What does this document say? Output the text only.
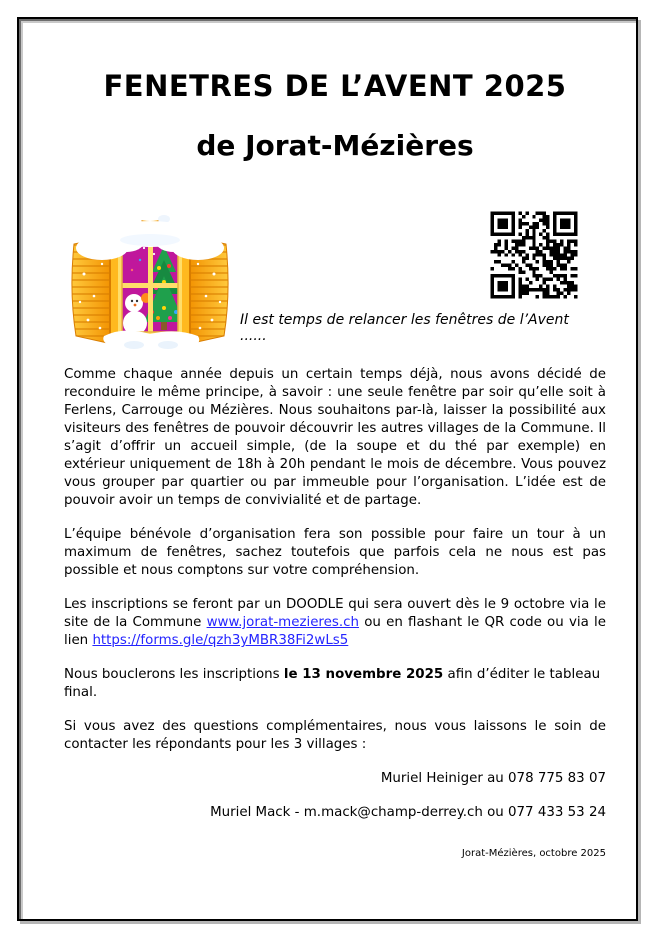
FENETRES DE L’AVENT 2025
de Jorat-Mézières

Il est temps de relancer les fenêtres de l’Avent ......

Comme chaque année depuis un certain temps déjà, nous avons décidé de reconduire le même principe, à savoir : une seule fenêtre par soir qu’elle soit à Ferlens, Carrouge ou Mézières. Nous souhaitons par-là, laisser la possibilité aux visiteurs des fenêtres de pouvoir découvrir les autres villages de la Commune. Il s’agit d’offrir un accueil simple, (de la soupe et du thé par exemple) en extérieur uniquement de 18h à 20h pendant le mois de décembre. Vous pouvez vous grouper par quartier ou par immeuble pour l’organisation. L’idée est de pouvoir avoir un temps de convivialité et de partage.

L’équipe bénévole d’organisation fera son possible pour faire un tour à un maximum de fenêtres, sachez toutefois que parfois cela ne nous est pas possible et nous comptons sur votre compréhension.

Les inscriptions se feront par un DOODLE qui sera ouvert dès le 9 octobre via le site de la Commune www.jorat-mezieres.ch ou en flashant le QR code ou via le lien https://forms.gle/qzh3yMBR38Fi2wLs5

Nous bouclerons les inscriptions le 13 novembre 2025 afin d’éditer le tableau final.

Si vous avez des questions complémentaires, nous vous laissons le soin de contacter les répondants pour les 3 villages :

Muriel Heiniger au 078 775 83 07

Muriel Mack - m.mack@champ-derrey.ch ou 077 433 53 24

Jorat-Mézières, octobre 2025
